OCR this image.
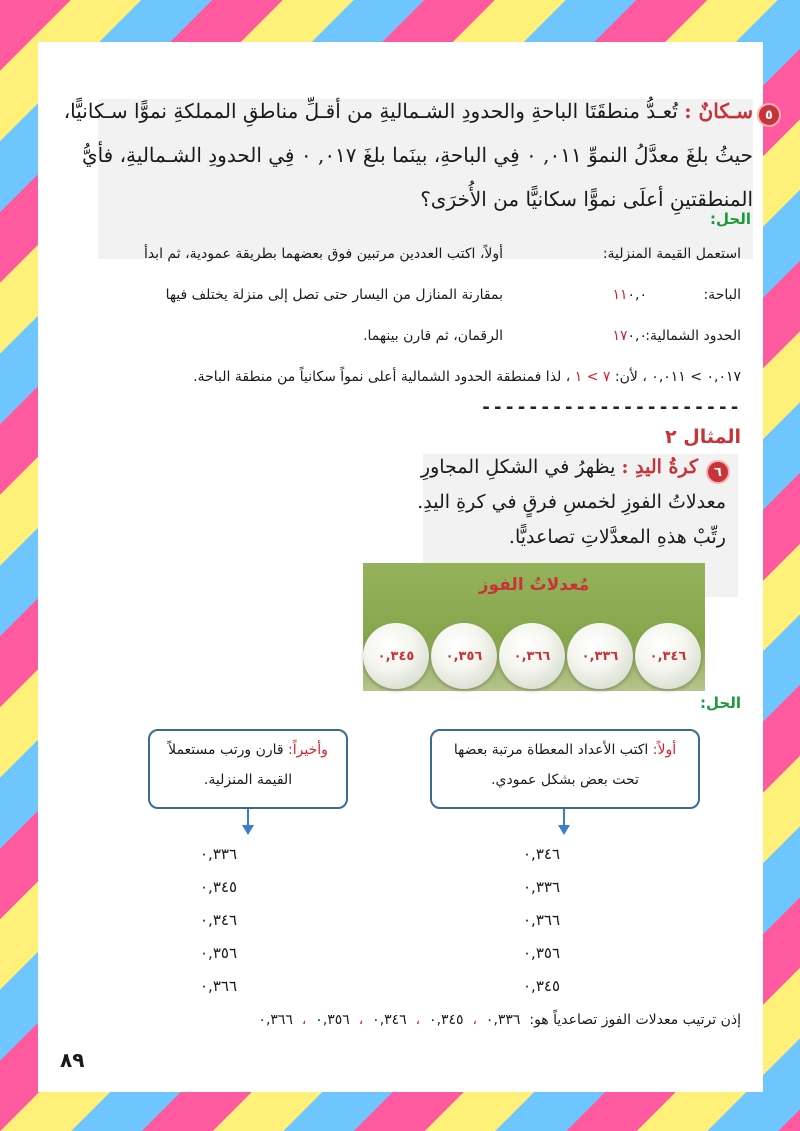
٥
سـكانٌ : تُعـدُّ منطقَتَا الباحةِ والحدودِ الشـماليةِ من أقـلِّ مناطقِ المملكةِ نموًّا سـكانيًّا،
حيثُ بلغَ معدَّلُ النموِّ ٠١١, ٠ فِي الباحةِ، بينَما بلغَ ٠١٧, ٠ فِي الحدودِ الشـماليةِ، فأيُّ
المنطقتينِ أعلَى نموًّا سكانيًّا من الأُخرَى؟
الحل:
استعمل القيمة المنزلية:
الباحة:
١١٠,٠
الحدود الشمالية:
١٧٠,٠
أولاً، اكتب العددين مرتبين فوق بعضهما بطريقة عمودية، ثم ابدأ
بمقارنة المنازل من اليسار حتى تصل إلى منزلة يختلف فيها
الرقمان، ثم قارن بينهما.
٠,٠١٧ > ٠,٠١١ ، لأن: ٧ > ١ ، لذا فمنطقة الحدود الشمالية أعلى نمواً سكانياً من منطقة الباحة.
----------------------
المثال ٢
٦
كرةُ اليدِ : يظهرُ في الشكلِ المجاورِ
معدلاتُ الفوزِ لخمسِ فرقٍ في كرةِ اليدِ.
رتِّبْ هذهِ المعدَّلاتِ تصاعديًّا.
مُعدلاتُ الفوز
٠,٣٤٦
٠,٣٣٦
٠,٣٦٦
٠,٣٥٦
٠,٣٤٥
الحل:
أولاً: اكتب الأعداد المعطاة مرتبة بعضها
تحت بعض بشكل عمودي.
وأخيراً: قارن ورتب مستعملاً
القيمة المنزلية.
٠,٣٤٦
٠,٣٣٦
٠,٣٦٦
٠,٣٥٦
٠,٣٤٥
٠,٣٣٦
٠,٣٤٥
٠,٣٤٦
٠,٣٥٦
٠,٣٦٦
إذن ترتيب معدلات الفوز تصاعدياً هو:  ٠,٣٣٦  ،  ٠,٣٤٥  ،  ٠,٣٤٦  ،  ٠,٣٥٦  ،  ٠,٣٦٦
٨٩
